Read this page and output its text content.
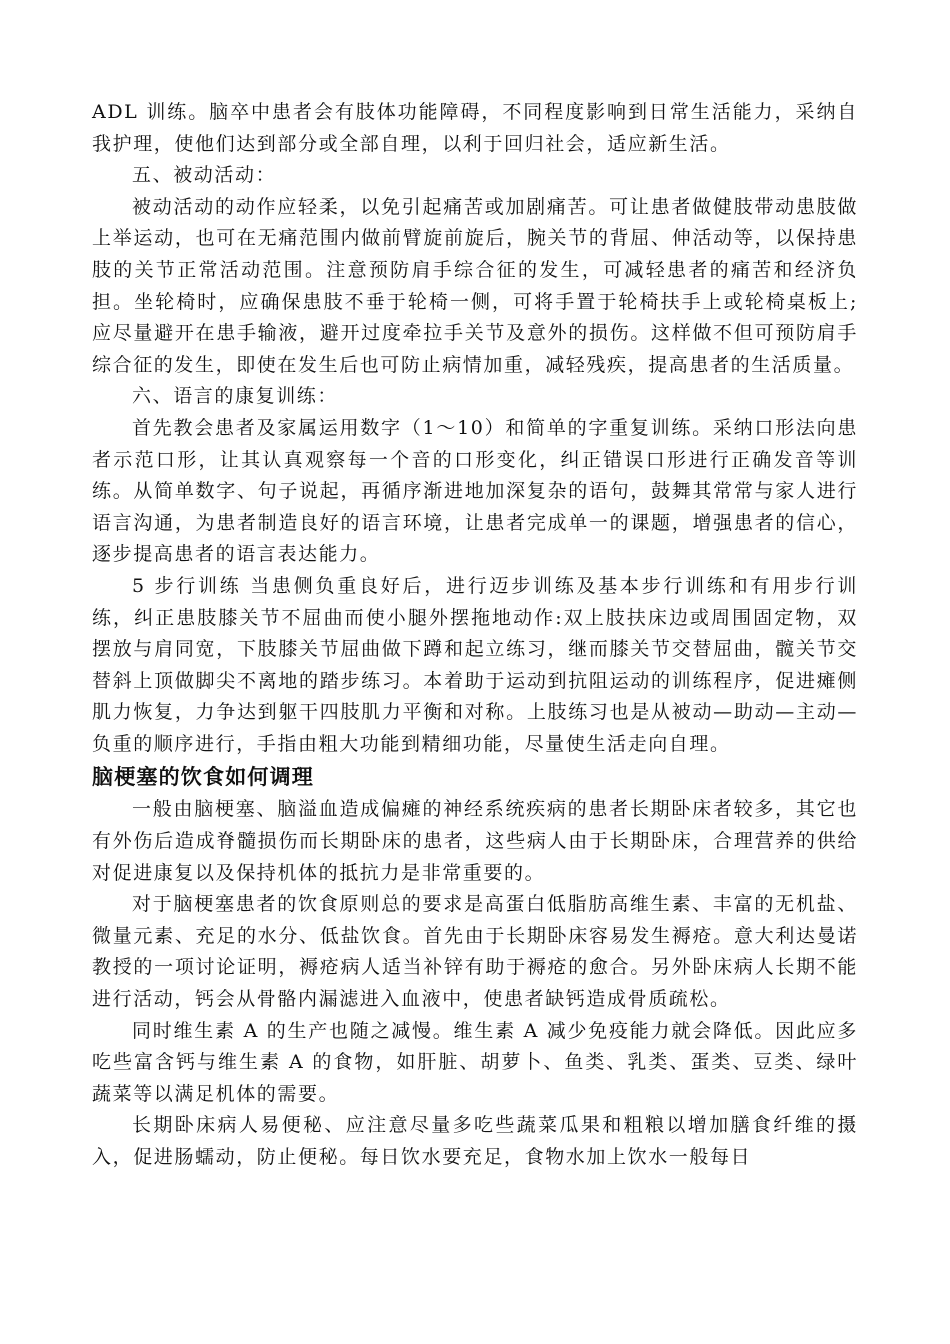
ADL 训练。脑卒中患者会有肢体功能障碍，不同程度影响到日常生活能力，采纳自我护理，使他们达到部分或全部自理，以利于回归社会，适应新生活。

五、被动活动：

被动活动的动作应轻柔，以免引起痛苦或加剧痛苦。可让患者做健肢带动患肢做上举运动，也可在无痛范围内做前臂旋前旋后，腕关节的背屈、伸活动等，以保持患肢的关节正常活动范围。注意预防肩手综合征的发生，可减轻患者的痛苦和经济负担。坐轮椅时，应确保患肢不垂于轮椅一侧，可将手置于轮椅扶手上或轮椅桌板上;应尽量避开在患手输液，避开过度牵拉手关节及意外的损伤。这样做不但可预防肩手综合征的发生，即使在发生后也可防止病情加重，减轻残疾，提高患者的生活质量。

六、语言的康复训练：

首先教会患者及家属运用数字（1～10）和简单的字重复训练。采纳口形法向患者示范口形，让其认真观察每一个音的口形变化，纠正错误口形进行正确发音等训练。从简单数字、句子说起，再循序渐进地加深复杂的语句，鼓舞其常常与家人进行语言沟通，为患者制造良好的语言环境，让患者完成单一的课题，增强患者的信心，逐步提高患者的语言表达能力。

5 步行训练 当患侧负重良好后，进行迈步训练及基本步行训练和有用步行训练，纠正患肢膝关节不屈曲而使小腿外摆拖地动作:双上肢扶床边或周围固定物，双摆放与肩同宽，下肢膝关节屈曲做下蹲和起立练习，继而膝关节交替屈曲，髋关节交替斜上顶做脚尖不离地的踏步练习。本着助于运动到抗阻运动的训练程序，促进瘫侧肌力恢复，力争达到躯干四肢肌力平衡和对称。上肢练习也是从被动—助动—主动—负重的顺序进行，手指由粗大功能到精细功能，尽量使生活走向自理。

脑梗塞的饮食如何调理

一般由脑梗塞、脑溢血造成偏瘫的神经系统疾病的患者长期卧床者较多，其它也有外伤后造成脊髓损伤而长期卧床的患者，这些病人由于长期卧床，合理营养的供给对促进康复以及保持机体的抵抗力是非常重要的。

对于脑梗塞患者的饮食原则总的要求是高蛋白低脂肪高维生素、丰富的无机盐、微量元素、充足的水分、低盐饮食。首先由于长期卧床容易发生褥疮。意大利达曼诺教授的一项讨论证明，褥疮病人适当补锌有助于褥疮的愈合。另外卧床病人长期不能进行活动，钙会从骨骼内漏滤进入血液中，使患者缺钙造成骨质疏松。

同时维生素 A 的生产也随之减慢。维生素 A 减少免疫能力就会降低。因此应多吃些富含钙与维生素 A 的食物，如肝脏、胡萝卜、鱼类、乳类、蛋类、豆类、绿叶蔬菜等以满足机体的需要。

长期卧床病人易便秘、应注意尽量多吃些蔬菜瓜果和粗粮以增加膳食纤维的摄入，促进肠蠕动，防止便秘。每日饮水要充足，食物水加上饮水一般每日
